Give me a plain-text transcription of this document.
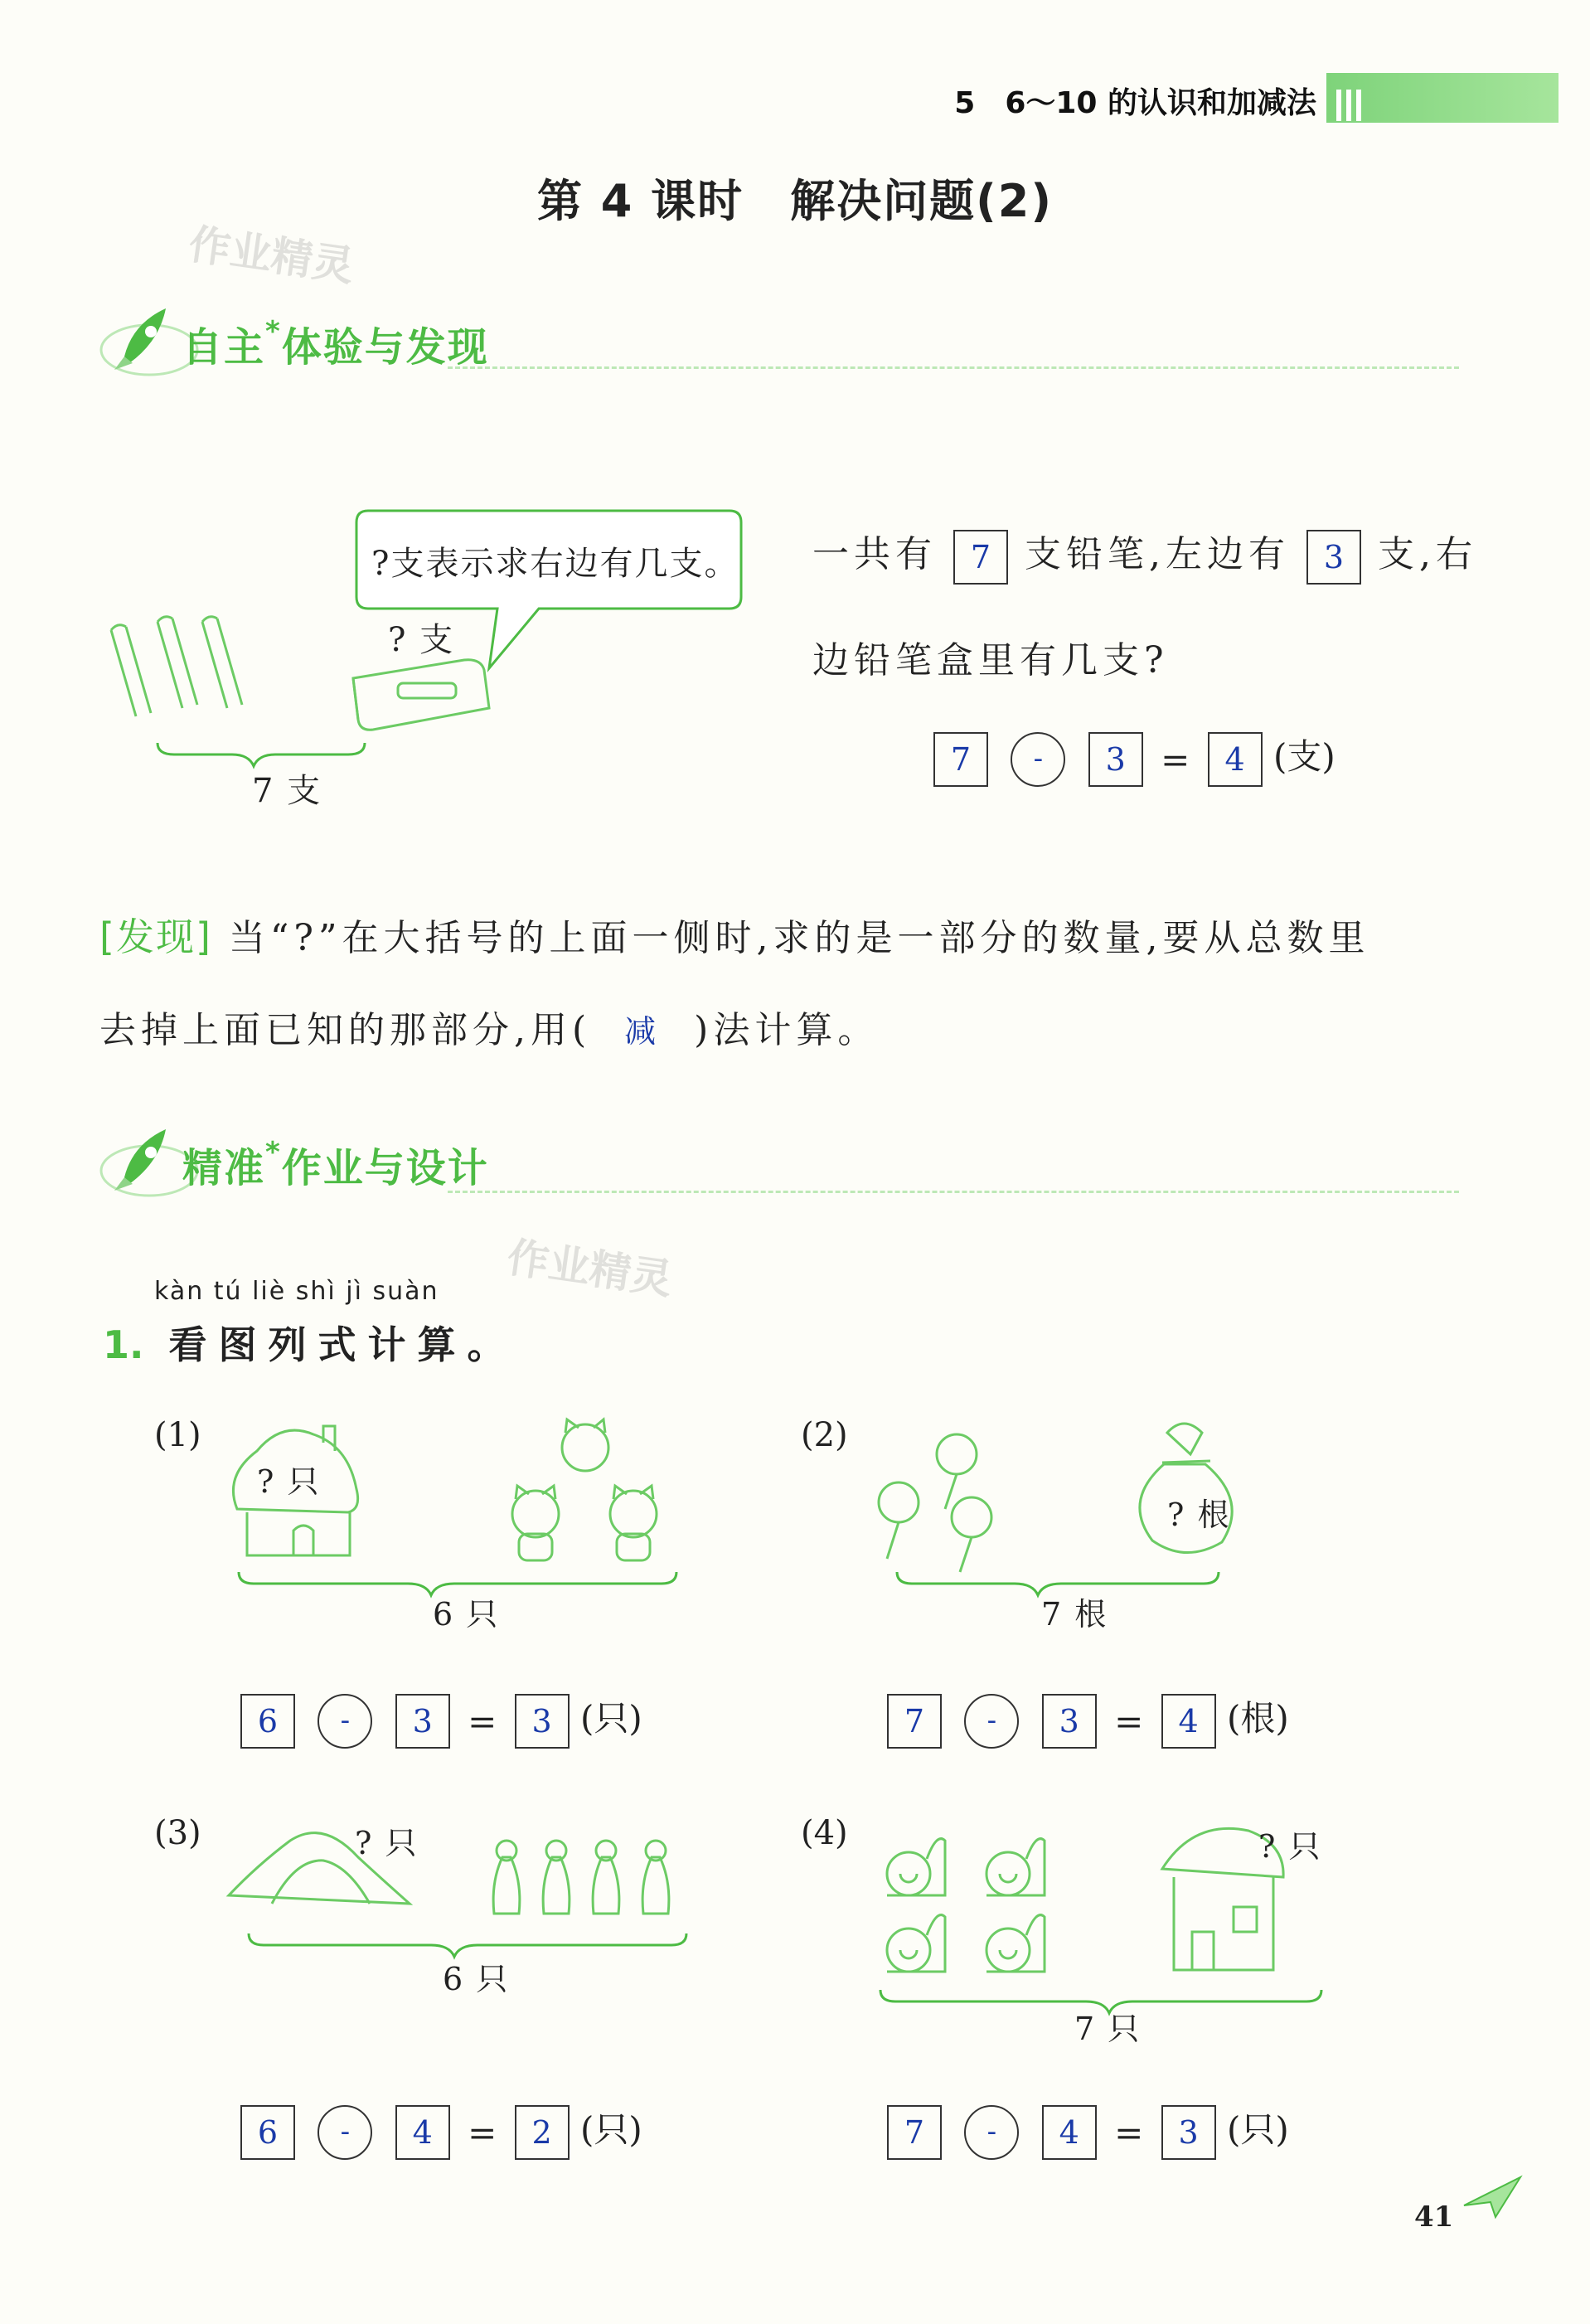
5　6～10 的认识和加减法
第 4 课时　解决问题(2)
作业精灵
自主*体验与发现
?支表示求右边有几支。
? 支
7 支
一共有 7 支铅笔,左边有 3 支,右
边铅笔盒里有几支?
7 - 3 = 4 (支)
[发现] 当“?”在大括号的上面一侧时,求的是一部分的数量,要从总数里
去掉上面已知的那部分,用( 减 )法计算。
精准*作业与设计
作业精灵
kàn tú liè shì jì suàn
1. 看图列式计算。
(1)
? 只
6 只
6 - 3 = 3 (只)
(2)
? 根
7 根
7 - 3 = 4 (根)
(3)	? 只
6 只
6 - 4 = 2 (只)
(4)	? 只
7 只
7 - 4 = 3 (只)
41
